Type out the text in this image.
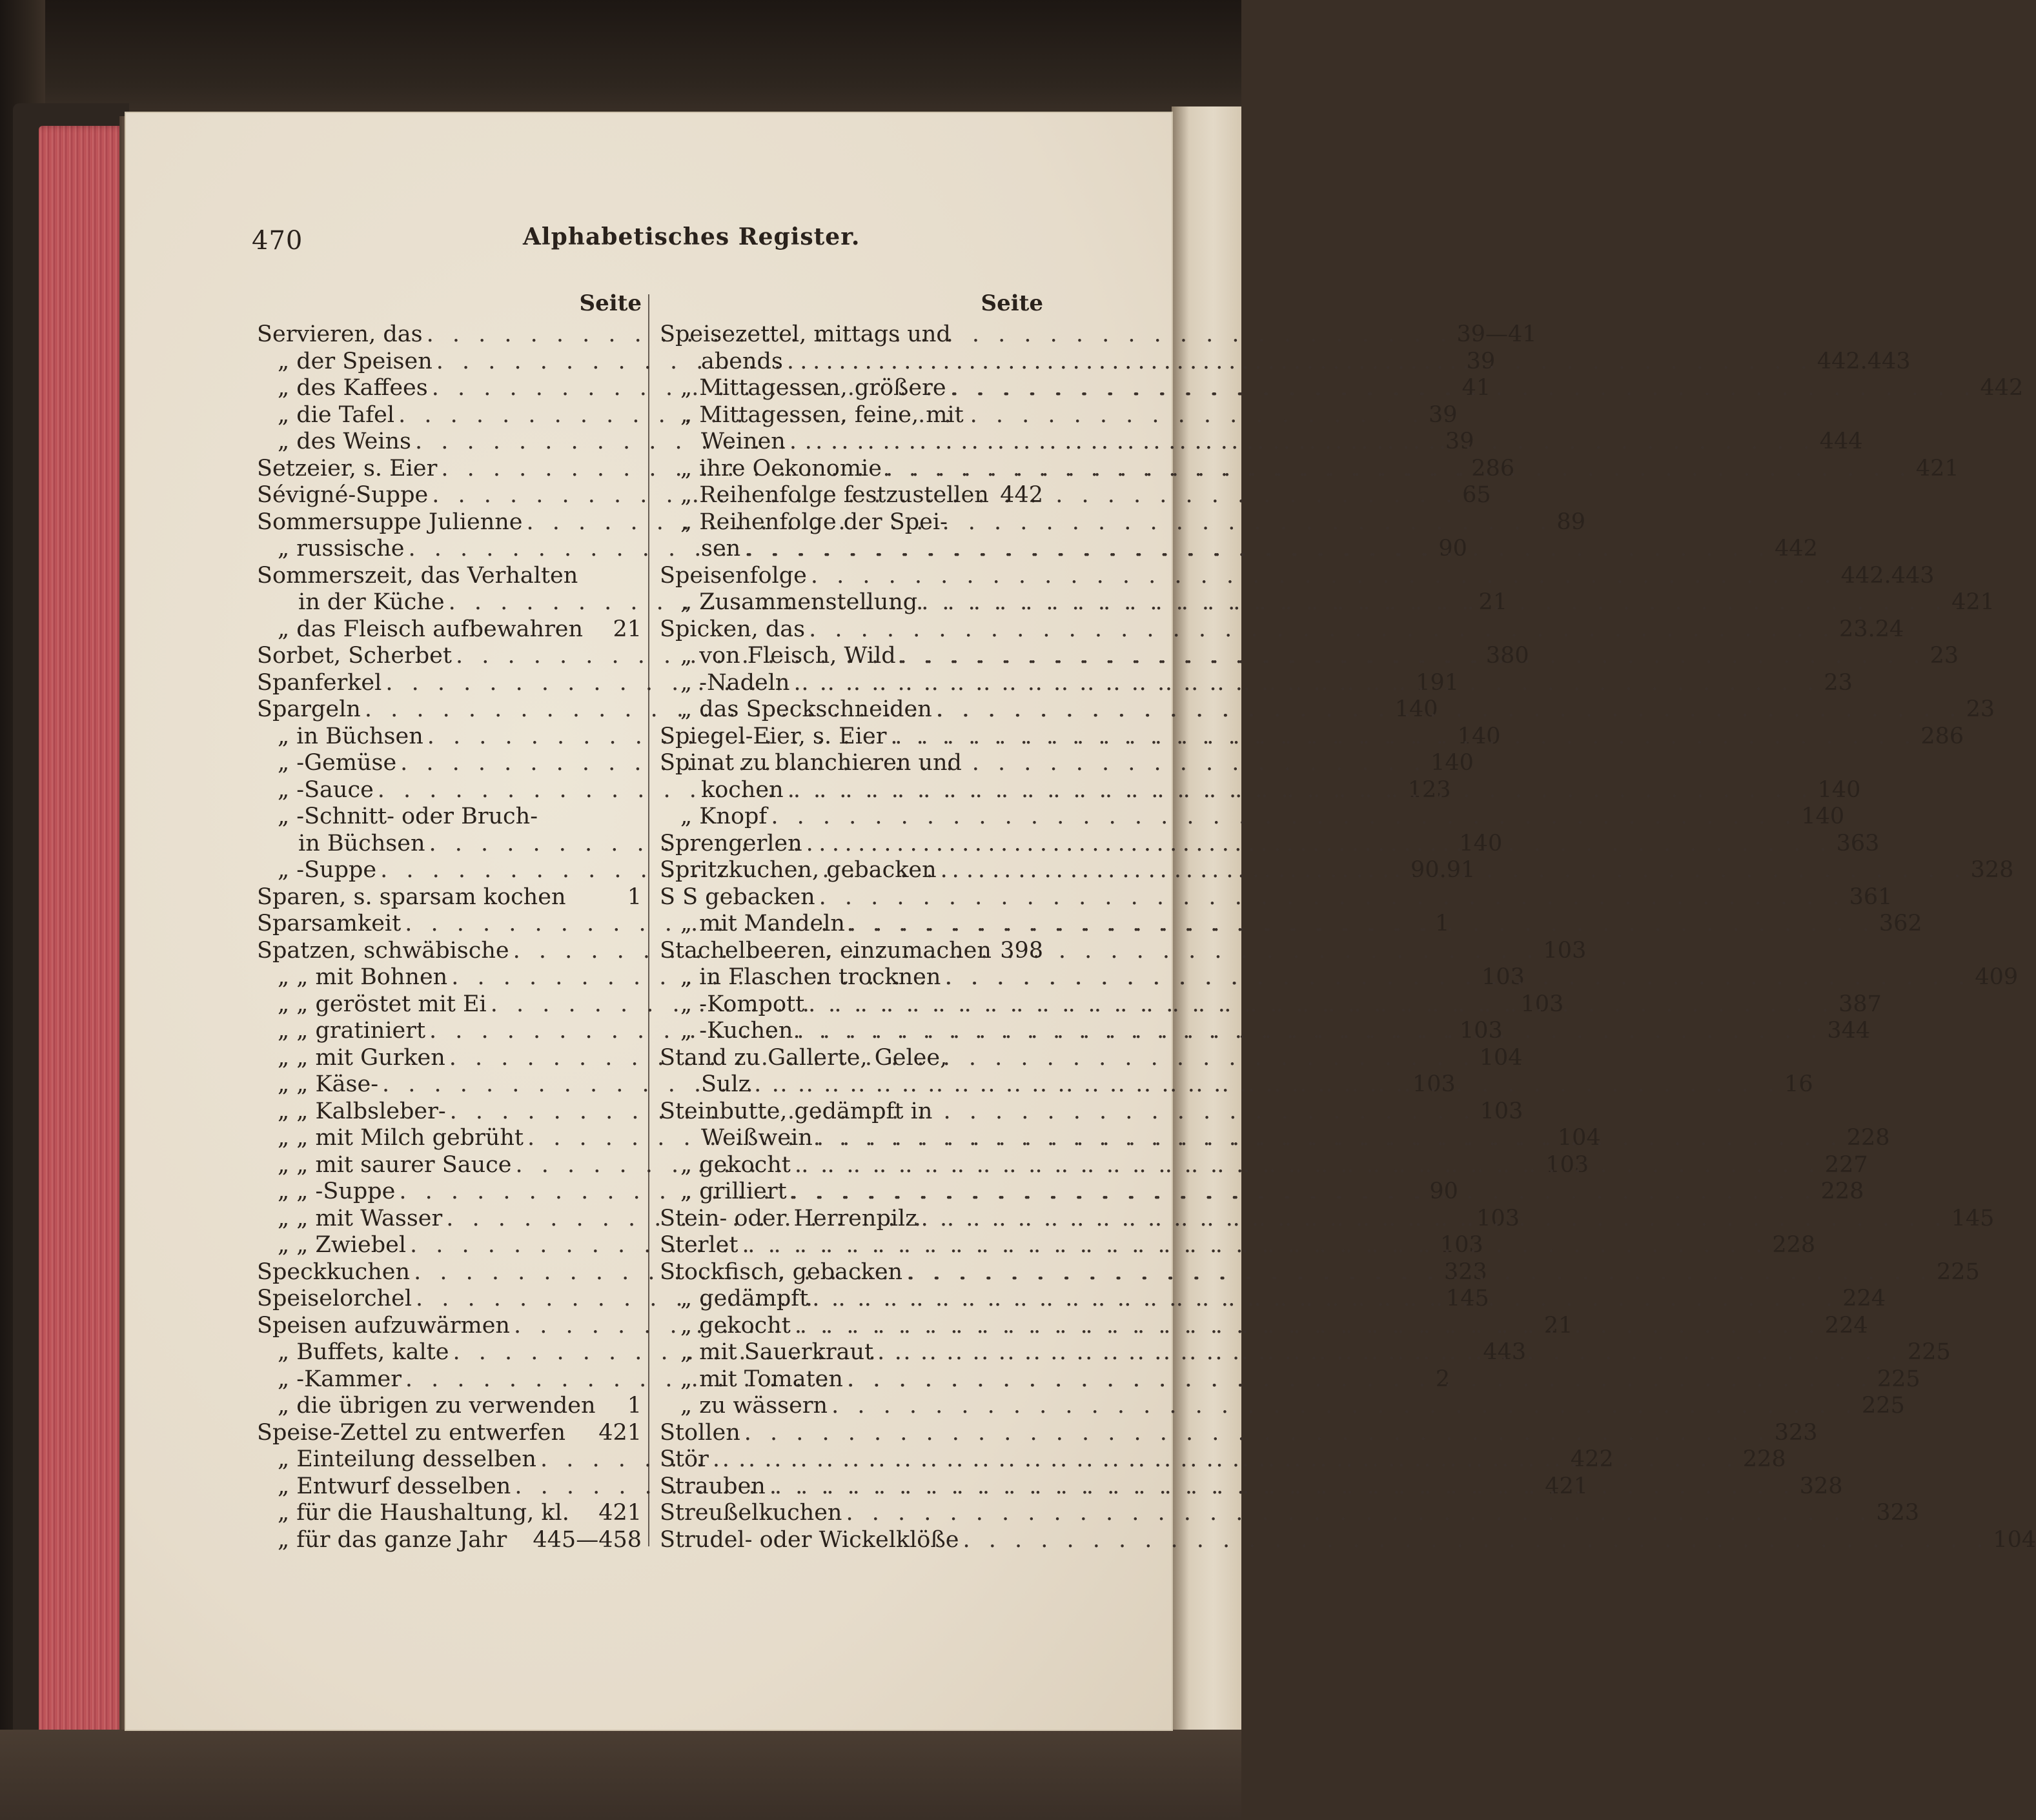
470	Alphabetisches Register.
Seite
Servieren, das . . .	39—41
„ der Speisen . . .	39
„ des Kaffees . . .	41
„ die Tafel . . .	39
„ des Weins . . .	39
Setzeier, s. Eier . . .	286
Sévigné-Suppe . . .	65
Sommersuppe Julienne . . .	89
„ russische . . .	90
Sommerszeit, das Verhalten
in der Küche . . .	21
„ das Fleisch aufbewahren 21
Sorbet, Scherbet . . .	380
Spanferkel . . .	191
Spargeln . . .	140
„ in Büchsen . . .	140
„ -Gemüse . . .	140
„ -Sauce . . .	123
„ -Schnitt- oder Bruch-
in Büchsen . . .	140
„ -Suppe . . .	90.91
Sparen, s. sparsam kochen	1
Sparsamkeit . . .	1
Spatzen, schwäbische . . .	103
„ „ mit Bohnen . . .	103
„ „ geröstet mit Ei . . .	103
„ „ gratiniert . . .	103
„ „ mit Gurken . . .	104
„ „ Käse- . . .	103
„ „ Kalbsleber- . . .	103
„ „ mit Milch gebrüht . . .	104
„ „ mit saurer Sauce . . .	103
„ „ -Suppe . . .	90
„ „ mit Wasser . . .	103
„ „ Zwiebel . . .	103
Speckkuchen . . .	323
Speiselorchel . . .	145
Speisen aufzuwärmen . . .	21
„ Buffets, kalte . . .	443
„ -Kammer . . .	2
„ die übrigen zu verwenden 1
Speise-Zettel zu entwerfen 421
„ Einteilung desselben . . .	422
„ Entwurf desselben . . .	421
„ für die Haushaltung, kl. 421
„ für das ganze Jahr 445—458
Seite
Speisezettel, mittags und
abends . . .	442.443
„ Mittagessen, größere . . .	442
„ Mittagessen, feine, mit
Weinen . . .	444
„ ihre Oekonomie . . .	421
„ Reihenfolge festzustellen 442
„ Reihenfolge der Spei-
sen . . .	442
Speisenfolge . . .	442.443
„ Zusammenstellung . . .	421
Spicken, das . . .	23.24
„ von Fleisch, Wild . . .	23
„ -Nadeln . . .	23
„ das Speckschneiden . . .	23
Spiegel-Eier, s. Eier . . .	286
Spinat zu blanchieren und
kochen . . .	140
„ Knopf . . .	140
Sprengerlen . . .	363
Spritzkuchen, gebacken . . .	328
S S gebacken . . .	361
„ mit Mandeln . . .	362
Stachelbeeren, einzumachen 398
„ in Flaschen trocknen . . .	409
„ -Kompott . . .	387
„ -Kuchen . . .	344
Stand zu Gallerte, Gelee,
Sulz . . .	16
Steinbutte, gedämpft in
Weißwein . . .	228
„ gekocht . . .	227
„ grilliert . . .	228
Stein- oder Herrenpilz . . .	145
Sterlet . . .	228
Stockfisch, gebacken . . .	225
„ gedämpft . . .	224
„ gekocht . . .	224
„ mit Sauerkraut . . .	225
„ mit Tomaten . . .	225
„ zu wässern . . .	225
Stollen . . .	323
Stör . . .	228
Strauben . . .	328
Streußelkuchen . . .	323
Strudel- oder Wickelklöße . . .	104
